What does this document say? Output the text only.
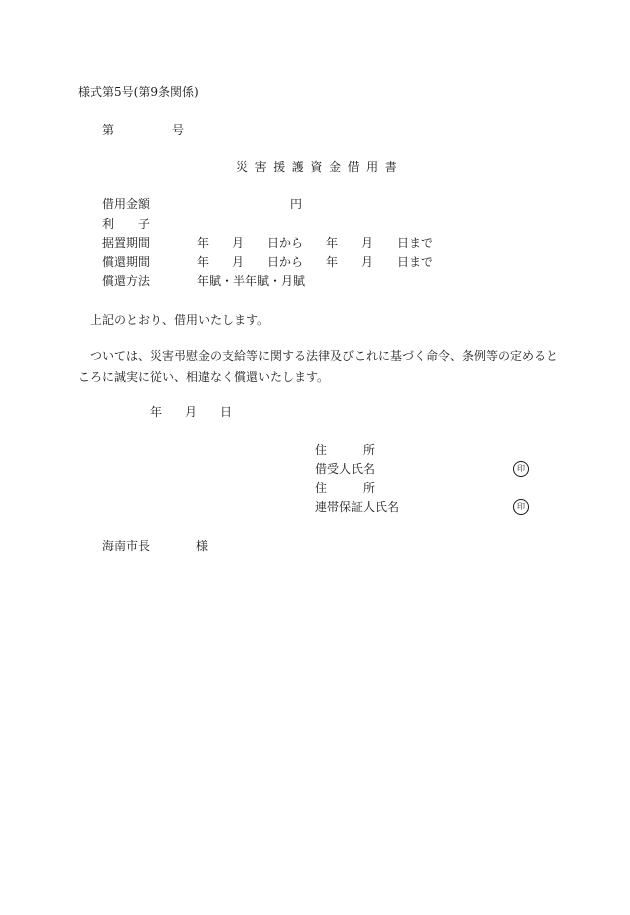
様式第5号(第9条関係)
第	号
災 害 援 護 資 金 借 用 書
借用金額	円
利　　子
据置期間	年 月 日から 年 月 日まで
償還期間	年 月 日から 年 月 日まで
償還方法	年賦・半年賦・月賦
上記のとおり、借用いたします。
ついては、災害弔慰金の支給等に関する法律及びこれに基づく命令、条例等の定めると
ころに誠実に従い、相違なく償還いたします。
年 月 日
住　　　所
借受人氏名	印
住　　　所
連帯保証人氏名	印
海南市長	様
